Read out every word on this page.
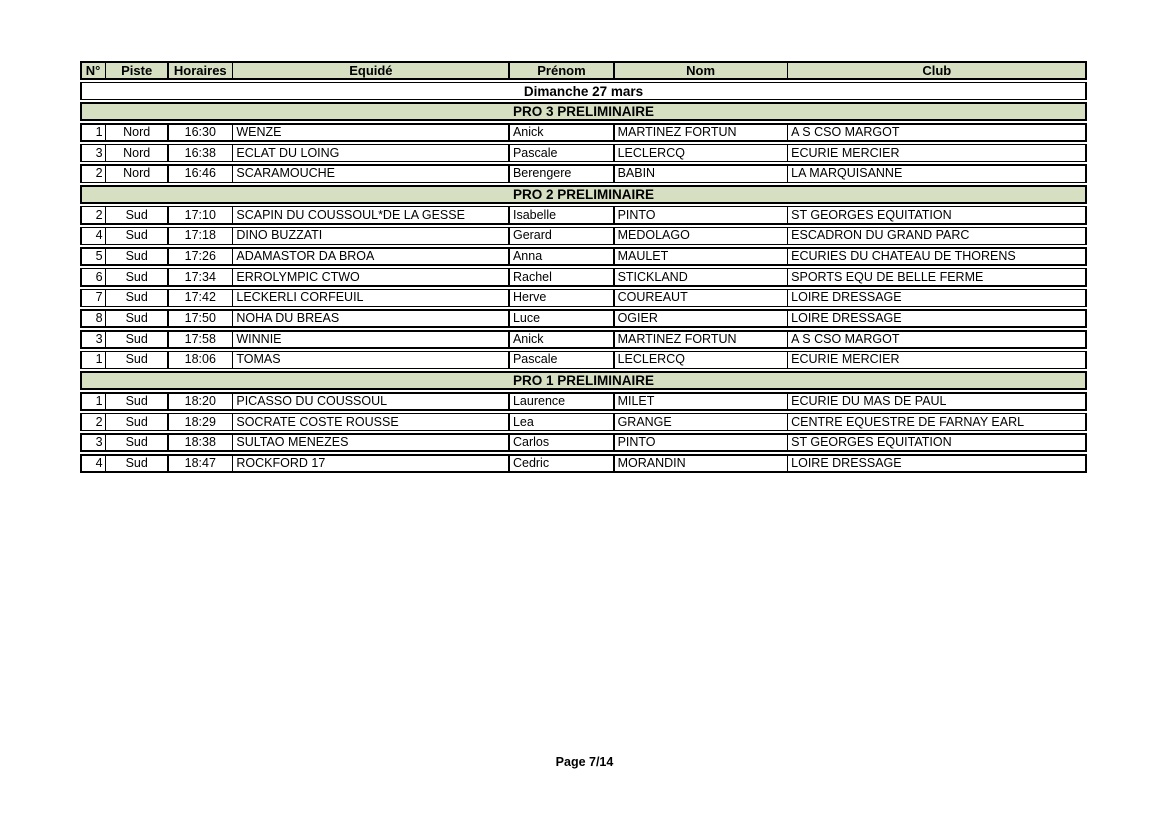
N°	Piste	Horaires	Equidé	Prénom	Nom	Club
Dimanche 27 mars
PRO 3 PRELIMINAIRE
1	Nord	16:30	WENZE	Anick	MARTINEZ FORTUN	A S CSO MARGOT
3	Nord	16:38	ECLAT DU LOING	Pascale	LECLERCQ	ECURIE MERCIER
2	Nord	16:46	SCARAMOUCHE	Berengere	BABIN	LA MARQUISANNE
PRO 2 PRELIMINAIRE
2	Sud	17:10	SCAPIN DU COUSSOUL*DE LA GESSE	Isabelle	PINTO	ST GEORGES EQUITATION
4	Sud	17:18	DINO BUZZATI	Gerard	MEDOLAGO	ESCADRON DU GRAND PARC
5	Sud	17:26	ADAMASTOR DA BROA	Anna	MAULET	ECURIES DU CHATEAU DE THORENS
6	Sud	17:34	ERROLYMPIC CTWO	Rachel	STICKLAND	SPORTS EQU DE BELLE FERME
7	Sud	17:42	LECKERLI CORFEUIL	Herve	COUREAUT	LOIRE DRESSAGE
8	Sud	17:50	NOHA DU BREAS	Luce	OGIER	LOIRE DRESSAGE
3	Sud	17:58	WINNIE	Anick	MARTINEZ FORTUN	A S CSO MARGOT
1	Sud	18:06	TOMAS	Pascale	LECLERCQ	ECURIE MERCIER
PRO 1 PRELIMINAIRE
1	Sud	18:20	PICASSO DU COUSSOUL	Laurence	MILET	ECURIE DU MAS DE PAUL
2	Sud	18:29	SOCRATE COSTE ROUSSE	Lea	GRANGE	CENTRE EQUESTRE DE FARNAY EARL
3	Sud	18:38	SULTAO MENEZES	Carlos	PINTO	ST GEORGES EQUITATION
4	Sud	18:47	ROCKFORD 17	Cedric	MORANDIN	LOIRE DRESSAGE
Page 7/14
